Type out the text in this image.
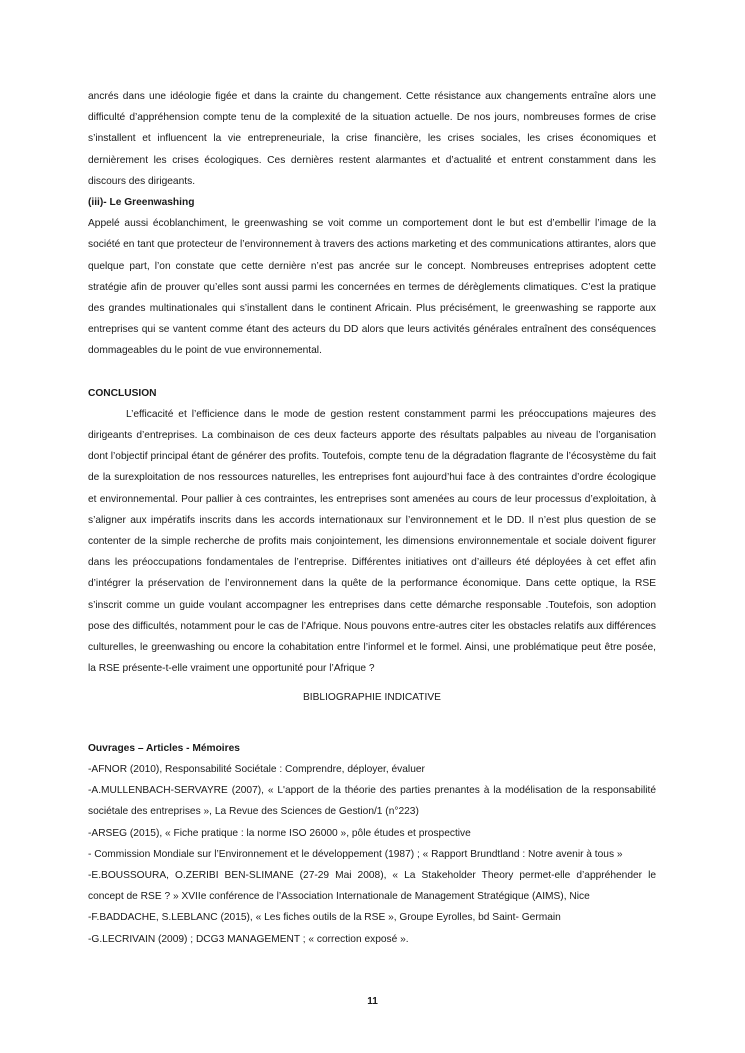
ancrés dans une idéologie figée et dans la crainte du changement. Cette résistance aux changements entraîne alors une difficulté d’appréhension compte tenu de la complexité de la situation actuelle. De nos jours, nombreuses formes de crise s’installent et influencent la vie entrepreneuriale, la crise financière, les crises sociales, les crises économiques et dernièrement les crises écologiques. Ces dernières restent alarmantes et d’actualité et entrent constamment dans les discours des dirigeants.

(iii)- Le Greenwashing

Appelé aussi écoblanchiment, le greenwashing se voit comme un comportement dont le but est d’embellir l’image de la société en tant que protecteur de l’environnement à travers des actions marketing et des communications attirantes, alors que quelque part, l’on constate que cette dernière n’est pas ancrée sur le concept. Nombreuses entreprises adoptent cette stratégie afin de prouver qu’elles sont aussi parmi les concernées en termes de dérèglements climatiques. C’est la pratique des grandes multinationales qui s’installent dans le continent Africain. Plus précisément, le greenwashing se rapporte aux entreprises qui se vantent comme étant des acteurs du DD alors que leurs activités générales entraînent des conséquences dommageables du le point de vue environnemental.

CONCLUSION

L’efficacité et l’efficience dans le mode de gestion restent constamment parmi les préoccupations majeures des dirigeants d’entreprises. La combinaison de ces deux facteurs apporte des résultats palpables au niveau de l’organisation dont l’objectif principal étant de générer des profits. Toutefois, compte tenu de la dégradation flagrante de l’écosystème du fait de la surexploitation de nos ressources naturelles, les entreprises font aujourd’hui face à des contraintes d’ordre écologique et environnemental. Pour pallier à ces contraintes, les entreprises sont amenées au cours de leur processus d’exploitation, à s’aligner aux impératifs inscrits dans les accords internationaux sur l’environnement et le DD. Il n’est plus question de se contenter de la simple recherche de profits mais conjointement, les dimensions environnementale et sociale doivent figurer dans les préoccupations fondamentales de l’entreprise. Différentes initiatives ont d’ailleurs été déployées à cet effet afin d’intégrer la préservation de l’environnement dans la quête de la performance économique. Dans cette optique, la RSE s’inscrit comme un guide voulant accompagner les entreprises dans cette démarche responsable .Toutefois, son adoption pose des difficultés, notamment pour le cas de l’Afrique. Nous pouvons entre-autres citer les obstacles relatifs aux différences culturelles, le greenwashing ou encore la cohabitation entre l’informel et le formel. Ainsi, une problématique peut être posée, la RSE présente-t-elle vraiment une opportunité pour l’Afrique ?

BIBLIOGRAPHIE INDICATIVE

Ouvrages – Articles - Mémoires

-AFNOR (2010), Responsabilité Sociétale : Comprendre, déployer, évaluer

-A.MULLENBACH-SERVAYRE (2007), « L'apport de la théorie des parties prenantes à la modélisation de la responsabilité sociétale des entreprises », La Revue des Sciences de Gestion/1 (n°223)

-ARSEG (2015), « Fiche pratique : la norme ISO 26000 », pôle études et prospective

- Commission Mondiale sur l’Environnement et le développement (1987) ; « Rapport Brundtland : Notre avenir à tous »

-E.BOUSSOURA, O.ZERIBI BEN-SLIMANE (27-29 Mai 2008), « La Stakeholder Theory permet-elle d’appréhender le concept de RSE ? » XVIIe conférence de l’Association Internationale de Management Stratégique (AIMS), Nice

-F.BADDACHE, S.LEBLANC (2015), « Les fiches outils de la RSE », Groupe Eyrolles, bd Saint- Germain

-G.LECRIVAIN (2009) ; DCG3 MANAGEMENT ; « correction exposé ».

11
